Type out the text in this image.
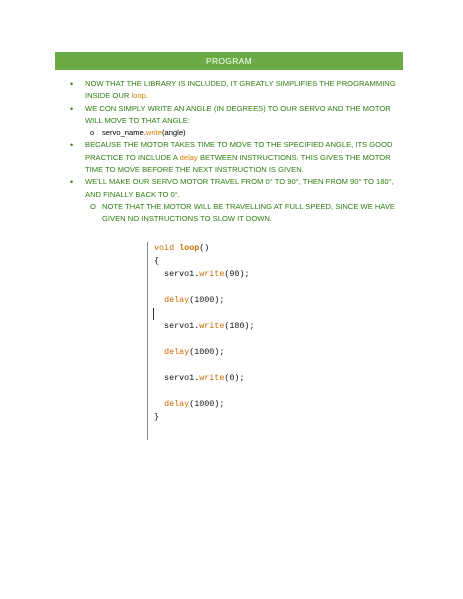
PROGRAM
• NOW THAT THE LIBRARY IS INCLUDED, IT GREATLY SIMPLIFIES THE PROGRAMMING INSIDE OUR loop.
• WE CON SIMPLY WRITE AN ANGLE (IN DEGREES) TO OUR SERVO AND THE MOTOR WILL MOVE TO THAT ANGLE:
o servo_name.write(angle)
• BECAUSE THE MOTOR TAKES TIME TO MOVE TO THE SPECIFIED ANGLE, ITS GOOD PRACTICE TO INCLUDE A delay BETWEEN INSTRUCTIONS. THIS GIVES THE MOTOR TIME TO MOVE BEFORE THE NEXT INSTRUCTION IS GIVEN.
• WE'LL MAKE OUR SERVO MOTOR TRAVEL FROM 0° TO 90°, THEN FROM 90° TO 180°, AND FINALLY BACK TO 0°.
O NOTE THAT THE MOTOR WILL BE TRAVELLING AT FULL SPEED, SINCE WE HAVE GIVEN NO INSTRUCTIONS TO SLOW IT DOWN.
void loop()
{
servo1.write(90);
delay(1000);
servo1.write(180);
delay(1000);
servo1.write(0);
delay(1000);
}
